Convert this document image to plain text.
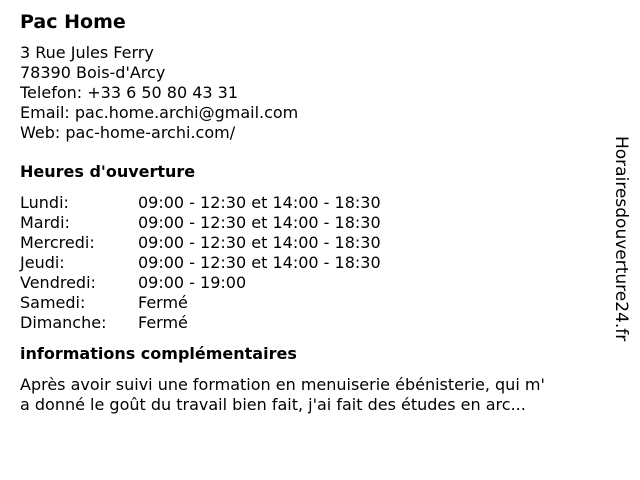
Pac Home
3 Rue Jules Ferry
78390 Bois-d'Arcy
Telefon: +33 6 50 80 43 31
Email: pac.home.archi@gmail.com
Web: pac-home-archi.com/
Heures d'ouverture
Lundi:	09:00 - 12:30 et 14:00 - 18:30
Mardi:	09:00 - 12:30 et 14:00 - 18:30
Mercredi:	09:00 - 12:30 et 14:00 - 18:30
Jeudi:	09:00 - 12:30 et 14:00 - 18:30
Vendredi:	09:00 - 19:00
Samedi:	Fermé
Dimanche:	Fermé
informations complémentaires
Après avoir suivi une formation en menuiserie ébénisterie, qui m'
a donné le goût du travail bien fait, j'ai fait des études en arc...
Horairesdouverture24.fr
